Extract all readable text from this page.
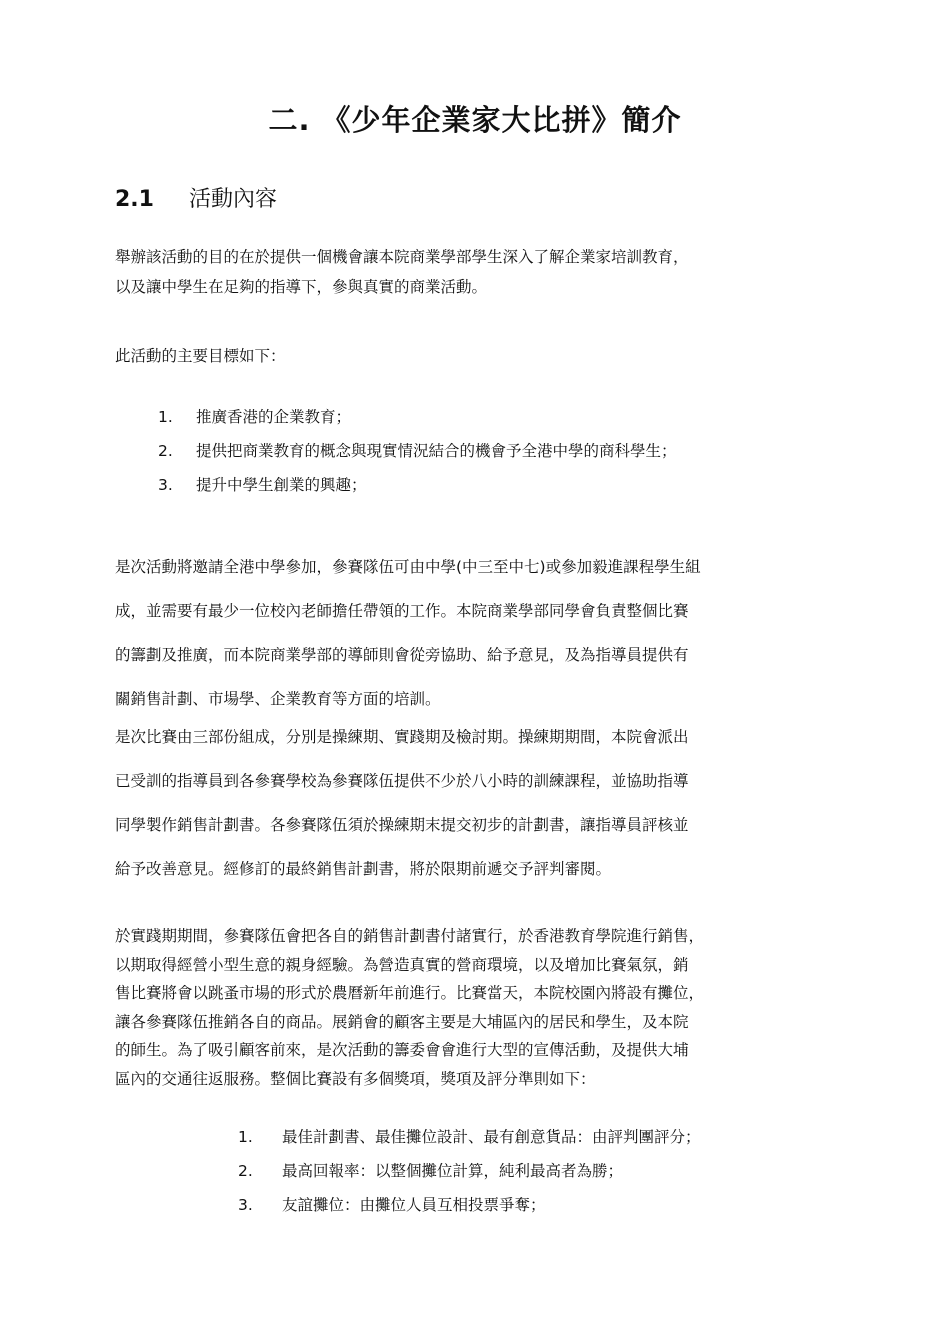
二. 《少年企業家大比拼》簡介
2.1 活動內容

舉辦該活動的目的在於提供一個機會讓本院商業學部學生深入了解企業家培訓教育，
以及讓中學生在足夠的指導下，參與真實的商業活動。

此活動的主要目標如下：

1. 推廣香港的企業教育；
2. 提供把商業教育的概念與現實情況結合的機會予全港中學的商科學生；
3. 提升中學生創業的興趣；

是次活動將邀請全港中學參加，參賽隊伍可由中學(中三至中七)或參加毅進課程學生組
成，並需要有最少一位校內老師擔任帶領的工作。本院商業學部同學會負責整個比賽
的籌劃及推廣，而本院商業學部的導師則會從旁協助、給予意見，及為指導員提供有
關銷售計劃、市場學、企業教育等方面的培訓。

是次比賽由三部份組成，分別是操練期、實踐期及檢討期。操練期期間，本院會派出
已受訓的指導員到各參賽學校為參賽隊伍提供不少於八小時的訓練課程，並協助指導
同學製作銷售計劃書。各參賽隊伍須於操練期末提交初步的計劃書，讓指導員評核並
給予改善意見。經修訂的最終銷售計劃書，將於限期前遞交予評判審閱。

於實踐期期間，參賽隊伍會把各自的銷售計劃書付諸實行，於香港教育學院進行銷售，
以期取得經營小型生意的親身經驗。為營造真實的營商環境，以及增加比賽氣氛，銷
售比賽將會以跳蚤市場的形式於農曆新年前進行。比賽當天，本院校園內將設有攤位，
讓各參賽隊伍推銷各自的商品。展銷會的顧客主要是大埔區內的居民和學生，及本院
的師生。為了吸引顧客前來，是次活動的籌委會會進行大型的宣傳活動，及提供大埔
區內的交通往返服務。整個比賽設有多個獎項，獎項及評分準則如下：

1. 最佳計劃書、最佳攤位設計、最有創意貨品：由評判團評分；
2. 最高回報率：以整個攤位計算，純利最高者為勝；
3. 友誼攤位：由攤位人員互相投票爭奪；
